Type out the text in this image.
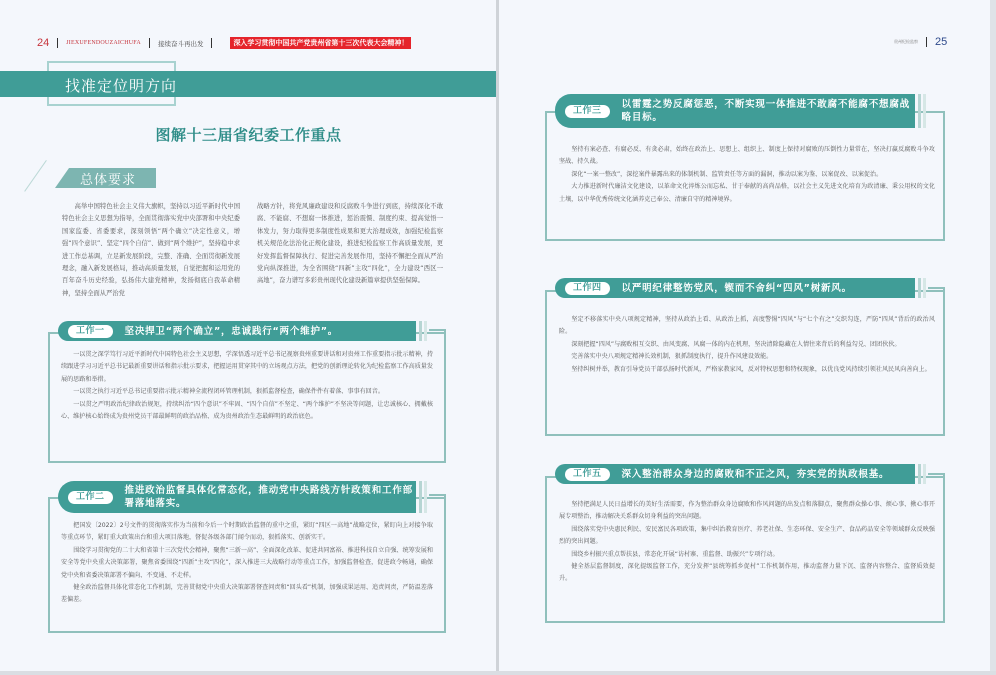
24	JIEXUFENDOUZAICHUFA	接续奋斗再出发	深入学习贯彻中国共产党贵州省第十三次代表大会精神！	贵州纪检监察 25
找准定位明方向
图解十三届省纪委工作重点
总体要求

高举中国特色社会主义伟大旗帜，坚持以习近平新时代中国特色社会主义思想为指导，全面贯彻落实党中央部署和中央纪委国家监委、省委要求，深刻领悟“两个确立”决定性意义，增强“四个意识”、坚定“四个自信”、做到“两个维护”，坚持稳中求进工作总基调，立足新发展阶段，完整、准确、全面贯彻新发展理念，融入新发展格局，推动高质量发展，自觉把握和运用党的百年奋斗历史经验，弘扬伟大建党精神，发扬彻底自我革命精神，坚持全面从严治党

战略方针，将党风廉政建设和反腐败斗争进行到底，持续深化不敢腐、不能腐、不想腐一体推进，惩治震慑、制度约束、提高觉悟一体发力，努力取得更多制度性成果和更大治理成效，加强纪检监察机关规范化法治化正规化建设，推进纪检监察工作高质量发展，更好发挥监督保障执行、促进完善发展作用，坚持不懈把全面从严治党向纵深推进，为全省围绕“四新”主攻“四化”，全力建设“西区一高地”，奋力谱写多彩贵州现代化建设新篇章提供坚强保障。

工作一	坚决捍卫“两个确立”，忠诚践行“两个维护”。

一以贯之深学笃行习近平新时代中国特色社会主义思想，学深悟透习近平总书记视察贵州重要讲话和对贵州工作重要指示批示精神，持续跟进学习习近平总书记最新重要讲话和指示批示要求，把握运用贯穿其中的立场观点方法，把党的创新理论转化为纪检监察工作高质量发展的思路和举措。

一以贯之执行习近平总书记重要指示批示精神全流程闭环管理机制，狠抓监督检查，确保件件有着落、事事有回音。

一以贯之严明政治纪律政治规矩，持续纠治“四个意识”不牢固、“四个自信”不坚定、“两个维护”不坚决等问题，让忠诚核心、拥戴核心、维护核心始终成为贵州党员干部最鲜明的政治品格、成为贵州政治生态最鲜明的政治底色。

工作二
推进政治监督具体化常态化，推动党中央路线方针政策和工作部署落地落实。

把国发〔2022〕2号文件的贯彻落实作为当前和今后一个时期政治监督的重中之重，紧盯“四区一高地”战略定位，紧盯向上对接争取等重点环节，紧盯重大政策出台和重大项目落地，督促各级各部门闻令而动，狠抓落实、创新实干。

围绕学习贯彻党的二十大和省第十三次党代会精神，聚焦“三新一高”、全面深化改革、促进共同富裕、推进科技自立自强、统筹发展和安全等党中央重大决策部署，聚焦省委围绕“四新”主攻“四化”，深入推进三大战略行动等重点工作，加强监督检查，促进政令畅通，确保党中央和省委决策部署不偏向、不变通、不走样。

健全政治监督具体化常态化工作机制，完善贯彻党中央重大决策部署督查问责和“回头看”机制，加强成果运用、追责问责，严防温差落差偏差。

工作三
以雷霆之势反腐惩恶，不断实现一体推进不敢腐不能腐不想腐战略目标。

坚持有案必查、有腐必反、有贪必肃，始终在政治上、思想上、组织上、制度上保持对腐败的压倒性力量常在，坚决打赢反腐败斗争攻坚战、持久战。

深化“一案一整改”，深挖案件暴露出来的体制机制、监管责任等方面的漏洞，推动以案为鉴、以案促改、以案促治。

大力推进新时代廉洁文化建设，以革命文化淬炼公而忘私、甘于奉献的高尚品格，以社会主义先进文化培育为政清廉、秉公用权的文化土壤，以中华优秀传统文化涵养克己奉公、清廉自守的精神境界。

工作四	以严明纪律整饬党风，锲而不舍纠“四风”树新风。

坚定不移落实中央八项规定精神，坚持从政治上看、从政治上抓，高度警惕“四风”与“七个有之”交织勾连，严防“四风”背后的政治风险。

深刻把握“四风”与腐败相互交织、由风变腐、风腐一体的内在机理，坚决清除隐藏在人情往来背后的利益勾兑、团团伙伙。

完善落实中央八项规定精神长效机制，狠抓制度执行，提升作风建设效能。

坚持纠树并举，教育引导党员干部弘扬时代新风，严格家教家风，反对特权思想和特权现象，以优良党风持续引领社风民风向善向上。

工作五	深入整治群众身边的腐败和不正之风，夯实党的执政根基。

坚持把满足人民日益增长的美好生活需要，作为整治群众身边腐败和作风问题的出发点和落脚点，聚焦群众操心事、烦心事、揪心事开展专项整治，推动解决关系群众切身利益的突出问题。

围绕落实党中央惠民利民、安民富民各项政策，集中纠治教育医疗、养老社保、生态环保、安全生产、食品药品安全等领域群众反映强烈的突出问题。

围绕乡村振兴重点帮扶县，常态化开展“访村寨、重监督、助振兴”专项行动。

健全基层监督制度，深化提级监督工作，充分发挥“县统筹抓乡促村”工作机制作用，推动监督力量下沉、监督内容整合、监督质效提升。
